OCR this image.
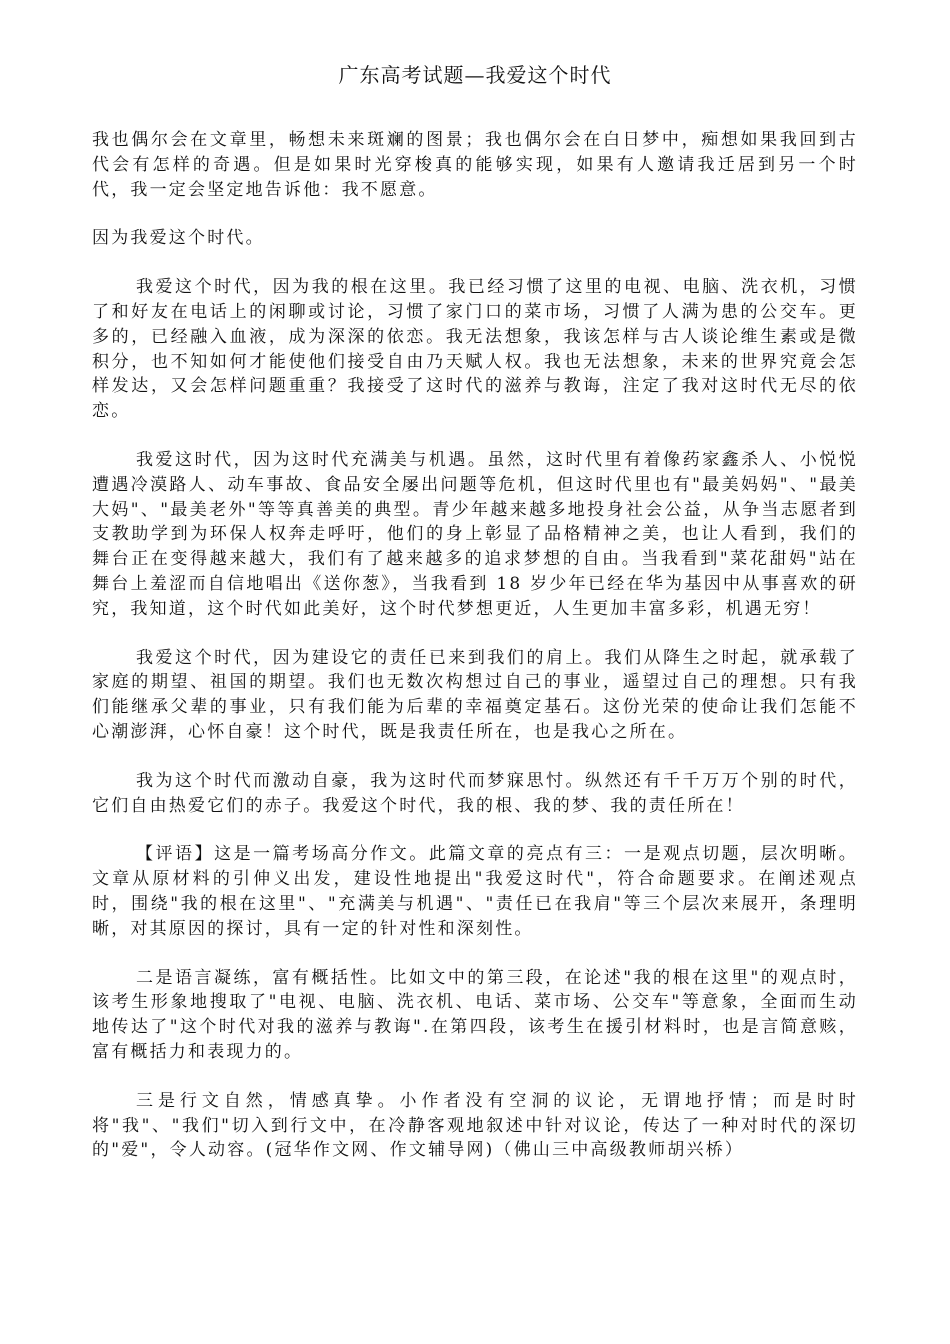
广东高考试题—我爱这个时代

我也偶尔会在文章里，畅想未来斑斓的图景；我也偶尔会在白日梦中，痴想如果我回到古代会有怎样的奇遇。但是如果时光穿梭真的能够实现，如果有人邀请我迁居到另一个时代，我一定会坚定地告诉他：我不愿意。

因为我爱这个时代。

我爱这个时代，因为我的根在这里。我已经习惯了这里的电视、电脑、洗衣机，习惯了和好友在电话上的闲聊或讨论，习惯了家门口的菜市场，习惯了人满为患的公交车。更多的，已经融入血液，成为深深的依恋。我无法想象，我该怎样与古人谈论维生素或是微积分，也不知如何才能使他们接受自由乃天赋人权。我也无法想象，未来的世界究竟会怎样发达，又会怎样问题重重？我接受了这时代的滋养与教诲，注定了我对这时代无尽的依恋。

我爱这时代，因为这时代充满美与机遇。虽然，这时代里有着像药家鑫杀人、小悦悦遭遇冷漠路人、动车事故、食品安全屡出问题等危机，但这时代里也有"最美妈妈"、"最美大妈"、"最美老外"等等真善美的典型。青少年越来越多地投身社会公益，从争当志愿者到支教助学到为环保人权奔走呼吁，他们的身上彰显了品格精神之美，也让人看到，我们的舞台正在变得越来越大，我们有了越来越多的追求梦想的自由。当我看到"菜花甜妈"站在舞台上羞涩而自信地唱出《送你葱》，当我看到 18 岁少年已经在华为基因中从事喜欢的研究，我知道，这个时代如此美好，这个时代梦想更近，人生更加丰富多彩，机遇无穷！

我爱这个时代，因为建设它的责任已来到我们的肩上。我们从降生之时起，就承载了家庭的期望、祖国的期望。我们也无数次构想过自己的事业，遥望过自己的理想。只有我们能继承父辈的事业，只有我们能为后辈的幸福奠定基石。这份光荣的使命让我们怎能不心潮澎湃，心怀自豪！这个时代，既是我责任所在，也是我心之所在。

我为这个时代而激动自豪，我为这时代而梦寐思忖。纵然还有千千万万个别的时代，它们自由热爱它们的赤子。我爱这个时代，我的根、我的梦、我的责任所在！

【评语】这是一篇考场高分作文。此篇文章的亮点有三：一是观点切题，层次明晰。文章从原材料的引伸义出发，建设性地提出"我爱这时代"，符合命题要求。在阐述观点时，围绕"我的根在这里"、"充满美与机遇"、"责任已在我肩"等三个层次来展开，条理明晰，对其原因的探讨，具有一定的针对性和深刻性。

二是语言凝练，富有概括性。比如文中的第三段，在论述"我的根在这里"的观点时，该考生形象地搜取了"电视、电脑、洗衣机、电话、菜市场、公交车"等意象，全面而生动地传达了"这个时代对我的滋养与教诲".在第四段，该考生在援引材料时，也是言简意赅，富有概括力和表现力的。

三是行文自然，情感真挚。小作者没有空洞的议论，无谓地抒情；而是时时将"我"、"我们"切入到行文中，在冷静客观地叙述中针对议论，传达了一种对时代的深切的"爱"，令人动容。(冠华作文网、作文辅导网)（佛山三中高级教师胡兴桥）
